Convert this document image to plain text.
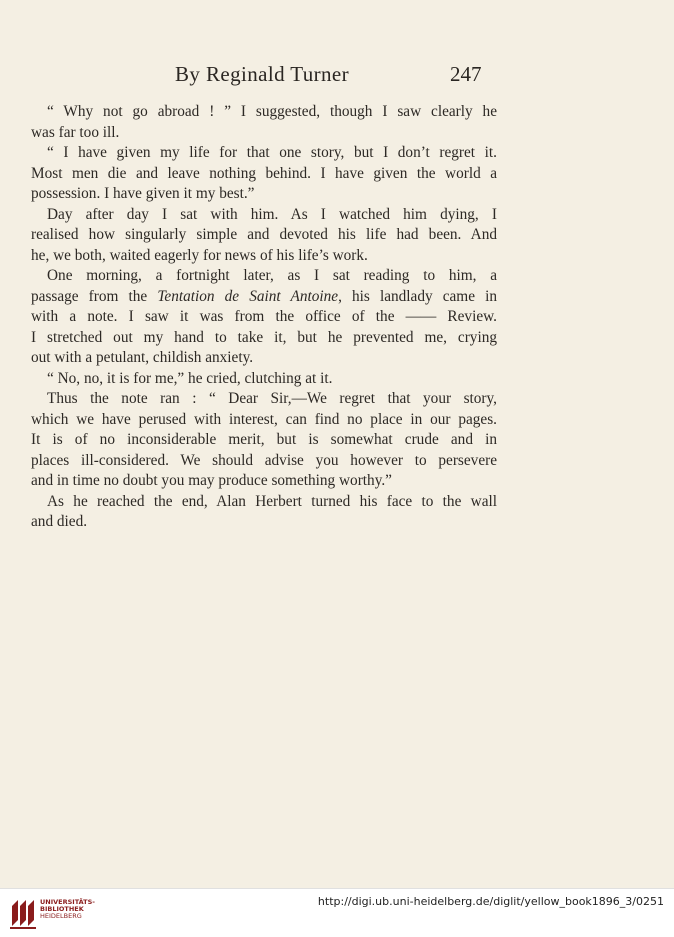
By Reginald Turner	247
“ Why not go abroad ! ” I suggested, though I saw clearly he
was far too ill.
“ I have given my life for that one story, but I don’t regret it.
Most men die and leave nothing behind. I have given the world a
possession. I have given it my best.”
Day after day I sat with him. As I watched him dying, I
realised how singularly simple and devoted his life had been. And
he, we both, waited eagerly for news of his life’s work.
One morning, a fortnight later, as I sat reading to him, a
passage from the Tentation de Saint Antoine, his landlady came in
with a note. I saw it was from the office of the —— Review.
I stretched out my hand to take it, but he prevented me, crying
out with a petulant, childish anxiety.
“ No, no, it is for me,” he cried, clutching at it.
Thus the note ran : “ Dear Sir,—We regret that your story,
which we have perused with interest, can find no place in our pages.
It is of no inconsiderable merit, but is somewhat crude and in
places ill-considered. We should advise you however to persevere
and in time no doubt you may produce something worthy.”
As he reached the end, Alan Herbert turned his face to the wall
and died.
UNIVERSITÄTS-
BIBLIOTHEK
HEIDELBERG
http://digi.ub.uni-heidelberg.de/diglit/yellow_book1896_3/0251
